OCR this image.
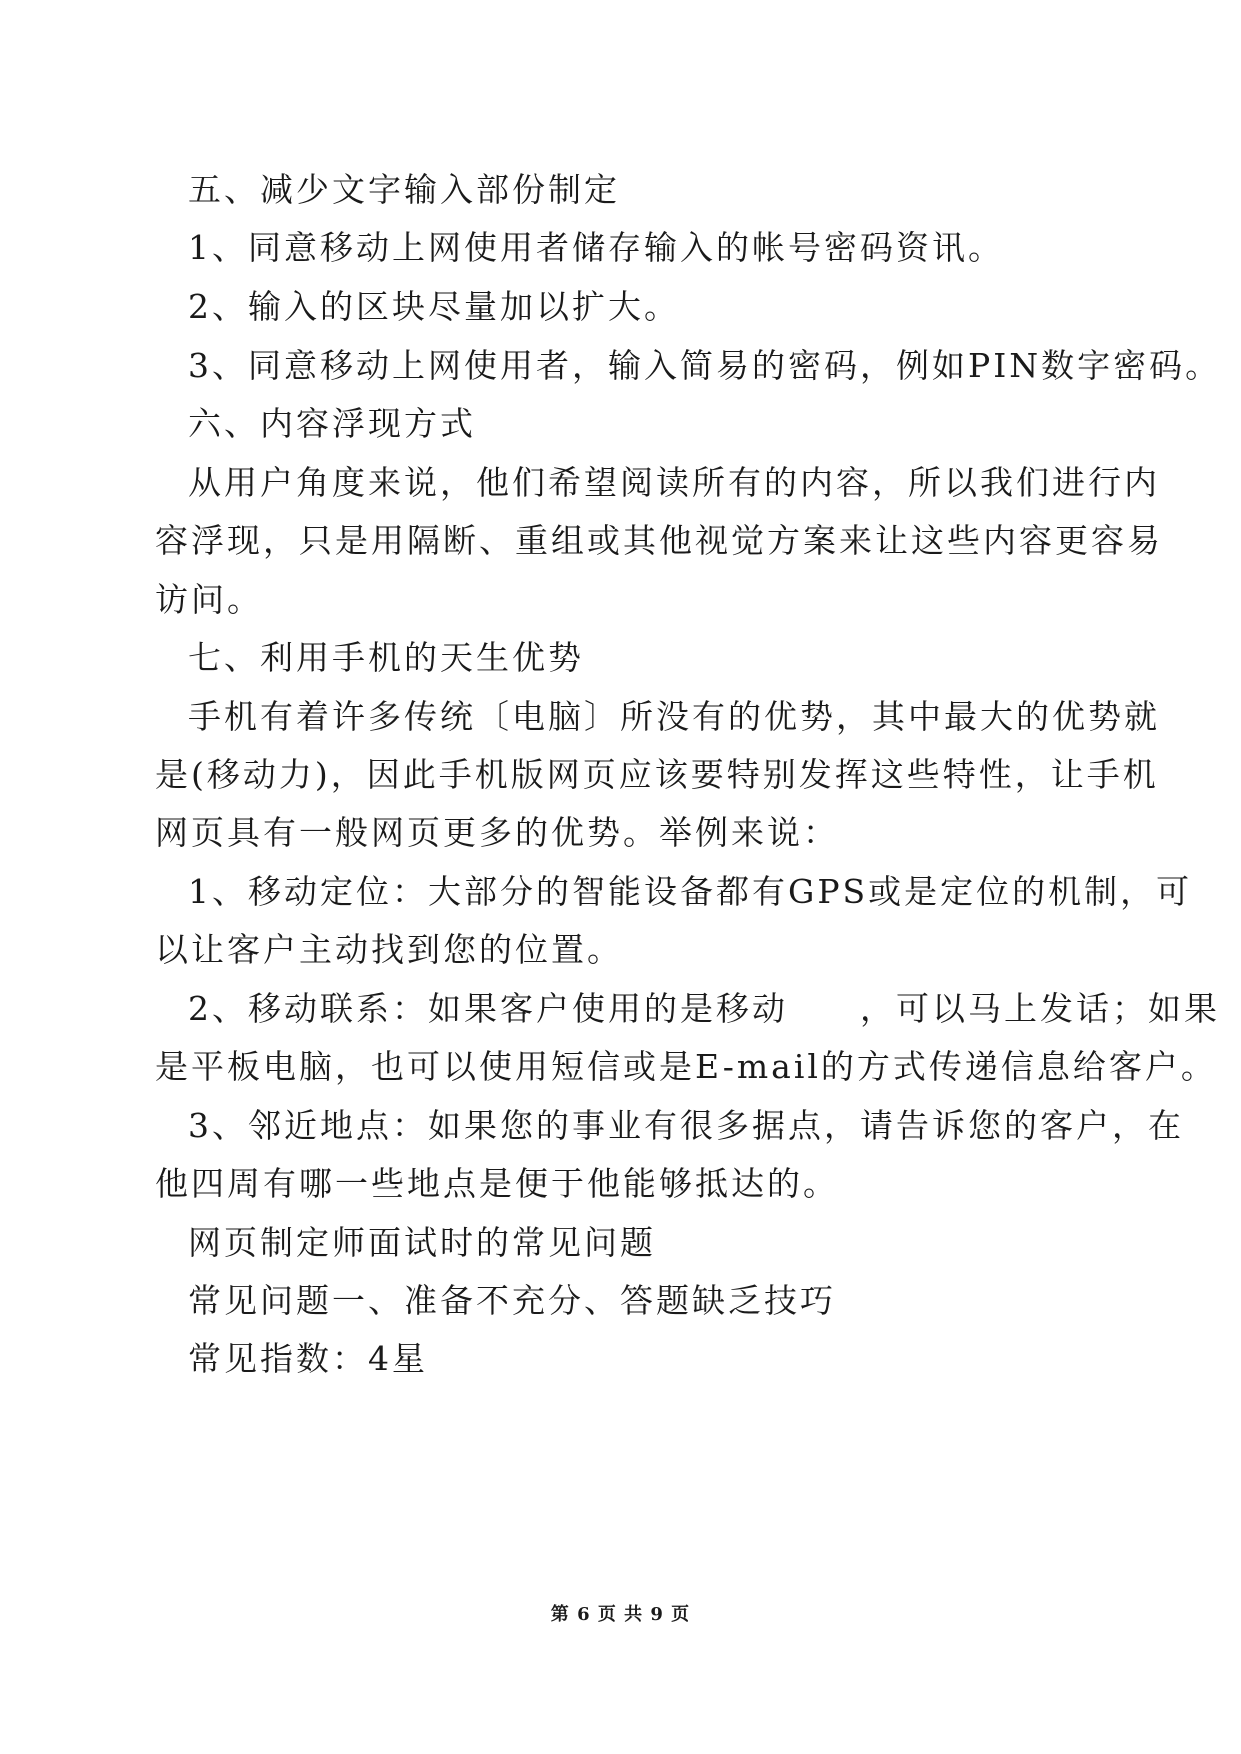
五、减少文字输入部份制定
1、同意移动上网使用者储存输入的帐号密码资讯。
2、输入的区块尽量加以扩大。
3、同意移动上网使用者，输入简易的密码，例如PIN数字密码。
六、内容浮现方式
从用户角度来说，他们希望阅读所有的内容，所以我们进行内
容浮现，只是用隔断、重组或其他视觉方案来让这些内容更容易
访问。
七、利用手机的天生优势
手机有着许多传统〔电脑〕所没有的优势，其中最大的优势就
是(移动力)，因此手机版网页应该要特别发挥这些特性，让手机
网页具有一般网页更多的优势。举例来说：
1、移动定位：大部分的智能设备都有GPS或是定位的机制，可
以让客户主动找到您的位置。
2、移动联系：如果客户使用的是移动　　，可以马上发话；如果
是平板电脑，也可以使用短信或是E-mail的方式传递信息给客户。
3、邻近地点：如果您的事业有很多据点，请告诉您的客户，在
他四周有哪一些地点是便于他能够抵达的。
网页制定师面试时的常见问题
常见问题一、准备不充分、答题缺乏技巧
常见指数：4星
第 6 页 共 9 页
